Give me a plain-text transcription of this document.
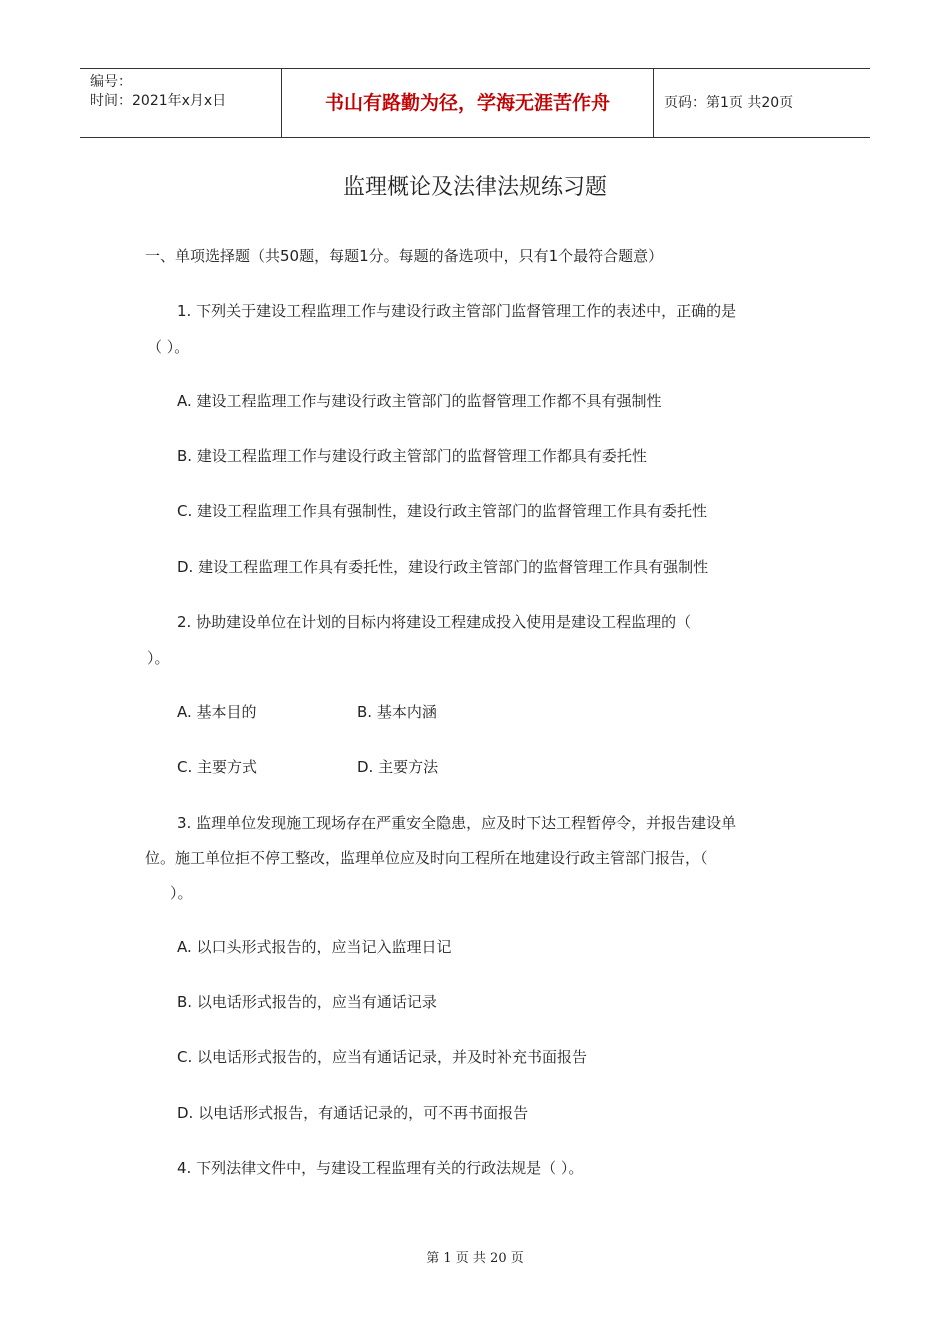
编号：
时间：2021年x月x日	书山有路勤为径，学海无涯苦作舟	页码：第1页 共20页
监理概论及法律法规练习题
一、单项选择题（共50题，每题1分。每题的备选项中，只有1个最符合题意）
1. 下列关于建设工程监理工作与建设行政主管部门监督管理工作的表述中，正确的是
（ ）。
A. 建设工程监理工作与建设行政主管部门的监督管理工作都不具有强制性
B. 建设工程监理工作与建设行政主管部门的监督管理工作都具有委托性
C. 建设工程监理工作具有强制性，建设行政主管部门的监督管理工作具有委托性
D. 建设工程监理工作具有委托性，建设行政主管部门的监督管理工作具有强制性
2. 协助建设单位在计划的目标内将建设工程建成投入使用是建设工程监理的（
）。
A. 基本目的	B. 基本内涵
C. 主要方式	D. 主要方法
3. 监理单位发现施工现场存在严重安全隐患，应及时下达工程暂停令，并报告建设单
位。施工单位拒不停工整改，监理单位应及时向工程所在地建设行政主管部门报告，（
）。
A. 以口头形式报告的，应当记入监理日记
B. 以电话形式报告的，应当有通话记录
C. 以电话形式报告的，应当有通话记录，并及时补充书面报告
D. 以电话形式报告，有通话记录的，可不再书面报告
4. 下列法律文件中，与建设工程监理有关的行政法规是（ ）。
第 1 页 共 20 页
